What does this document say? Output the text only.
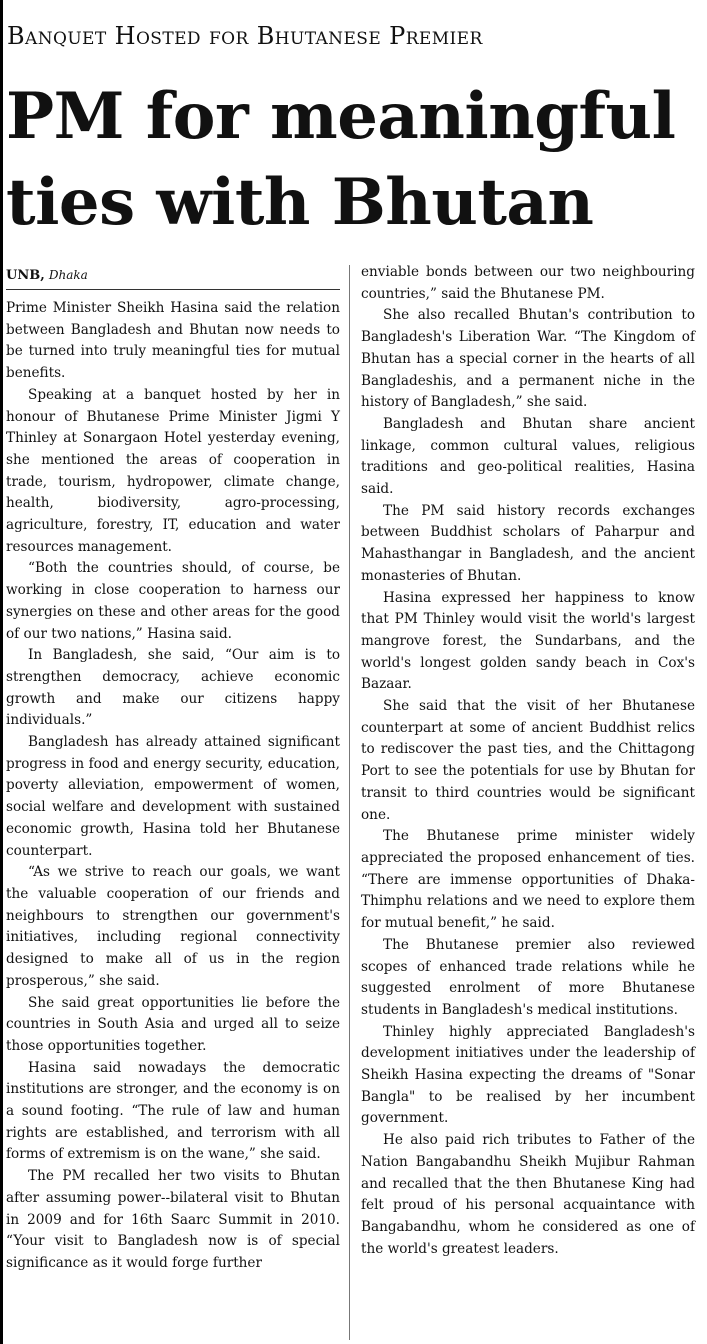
Banquet Hosted for Bhutanese Premier
PM for meaningful
ties with Bhutan
UNB, Dhaka

Prime Minister Sheikh Hasina said the relation between Bangladesh and Bhutan now needs to be turned into truly meaningful ties for mutual benefits.

Speaking at a banquet hosted by her in honour of Bhutanese Prime Minister Jigmi Y Thinley at Sonargaon Hotel yesterday evening, she mentioned the areas of cooperation in trade, tourism, hydropower, climate change, health, biodiversity, agro-processing, agriculture, forestry, IT, education and water resources management.

“Both the countries should, of course, be working in close cooperation to harness our synergies on these and other areas for the good of our two nations,” Hasina said.

In Bangladesh, she said, “Our aim is to strengthen democracy, achieve economic growth and make our citizens happy individuals.”

Bangladesh has already attained significant progress in food and energy security, education, poverty alleviation, empowerment of women, social welfare and development with sustained economic growth, Hasina told her Bhutanese counterpart.

“As we strive to reach our goals, we want the valuable cooperation of our friends and neighbours to strengthen our government's initiatives, including regional connectivity designed to make all of us in the region prosperous,” she said.

She said great opportunities lie before the countries in South Asia and urged all to seize those opportunities together.

Hasina said nowadays the democratic institutions are stronger, and the economy is on a sound footing. “The rule of law and human rights are established, and terrorism with all forms of extremism is on the wane,” she said.

The PM recalled her two visits to Bhutan after assuming power--bilateral visit to Bhutan in 2009 and for 16th Saarc Summit in 2010. “Your visit to Bangladesh now is of special significance as it would forge further

enviable bonds between our two neighbouring countries,” said the Bhutanese PM.

She also recalled Bhutan's contribution to Bangladesh's Liberation War. “The Kingdom of Bhutan has a special corner in the hearts of all Bangladeshis, and a permanent niche in the history of Bangladesh,” she said.

Bangladesh and Bhutan share ancient linkage, common cultural values, religious traditions and geo-political realities, Hasina said.

The PM said history records exchanges between Buddhist scholars of Paharpur and Mahasthangar in Bangladesh, and the ancient monasteries of Bhutan.

Hasina expressed her happiness to know that PM Thinley would visit the world's largest mangrove forest, the Sundarbans, and the world's longest golden sandy beach in Cox's Bazaar.

She said that the visit of her Bhutanese counterpart at some of ancient Buddhist relics to rediscover the past ties, and the Chittagong Port to see the potentials for use by Bhutan for transit to third countries would be significant one.

The Bhutanese prime minister widely appreciated the proposed enhancement of ties. “There are immense opportunities of Dhaka-Thimphu relations and we need to explore them for mutual benefit,” he said.

The Bhutanese premier also reviewed scopes of enhanced trade relations while he suggested enrolment of more Bhutanese students in Bangladesh's medical institutions.

Thinley highly appreciated Bangladesh's development initiatives under the leadership of Sheikh Hasina expecting the dreams of "Sonar Bangla" to be realised by her incumbent government.

He also paid rich tributes to Father of the Nation Bangabandhu Sheikh Mujibur Rahman and recalled that the then Bhutanese King had felt proud of his personal acquaintance with Bangabandhu, whom he considered as one of the world's greatest leaders.
